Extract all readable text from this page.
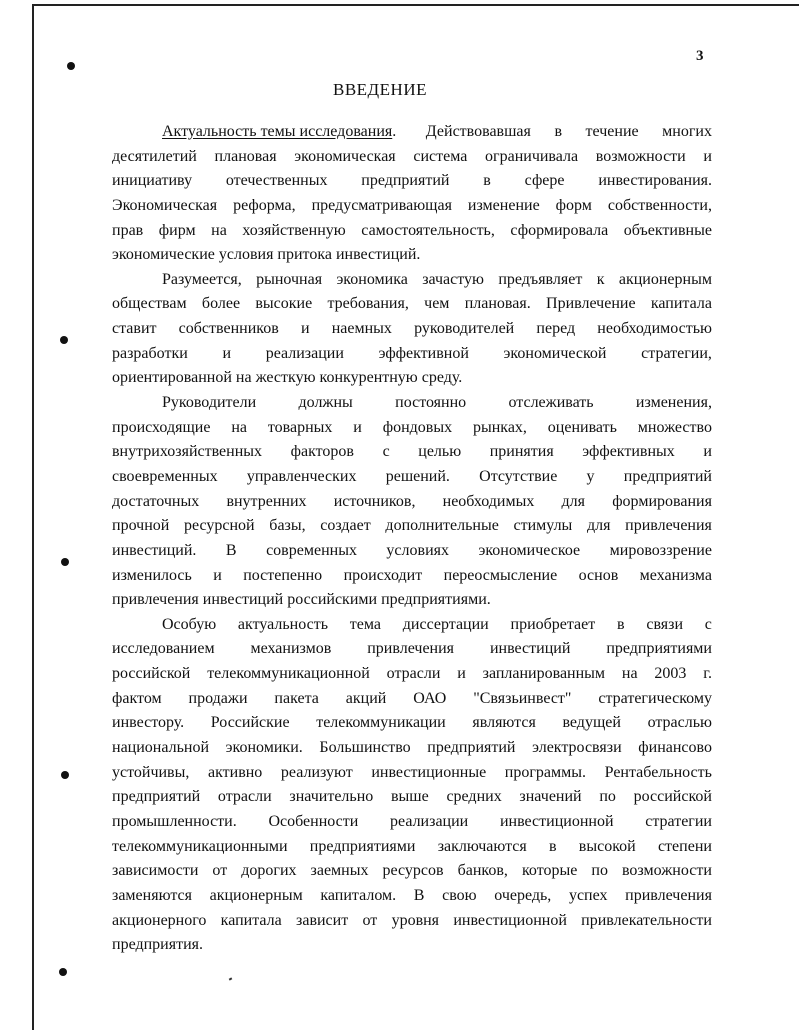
3
ВВЕДЕНИЕ
Актуальность темы исследования . Действовавшая в течение многих
десятилетий плановая экономическая система ограничивала возможности и
инициативу отечественных предприятий в сфере инвестирования.
Экономическая реформа, предусматривающая изменение форм собственности,
прав фирм на хозяйственную самостоятельность, сформировала объективные
экономические условия притока инвестиций.
Разумеется, рыночная экономика зачастую предъявляет к акционерным
обществам более высокие требования, чем плановая. Привлечение капитала
ставит собственников и наемных руководителей перед необходимостью
разработки и реализации эффективной экономической стратегии,
ориентированной на жесткую конкурентную среду.
Руководители	должны	постоянно	отслеживать	изменения,
происходящие на товарных и фондовых рынках, оценивать множество
внутрихозяйственных факторов с целью принятия эффективных и
своевременных управленческих решений. Отсутствие у предприятий
достаточных внутренних источников, необходимых для формирования
прочной ресурсной базы, создает дополнительные стимулы для привлечения
инвестиций. В современных условиях экономическое мировоззрение
изменилось и постепенно происходит переосмысление основ механизма
привлечения инвестиций российскими предприятиями.
Особую актуальность тема диссертации приобретает в связи с
исследованием механизмов привлечения инвестиций предприятиями
российской телекоммуникационной отрасли и запланированным на 2003 г.
фактом продажи пакета акций ОАО "Связьинвест" стратегическому
инвестору. Российские телекоммуникации являются ведущей отраслью
национальной экономики. Большинство предприятий электросвязи финансово
устойчивы, активно реализуют инвестиционные программы. Рентабельность
предприятий отрасли значительно выше средних значений по российской
промышленности. Особенности реализации инвестиционной стратегии
телекоммуникационными предприятиями заключаются в высокой степени
зависимости от дорогих заемных ресурсов банков, которые по возможности
заменяются акционерным капиталом. В свою очередь, успех привлечения
акционерного капитала зависит от уровня инвестиционной привлекательности
предприятия.
